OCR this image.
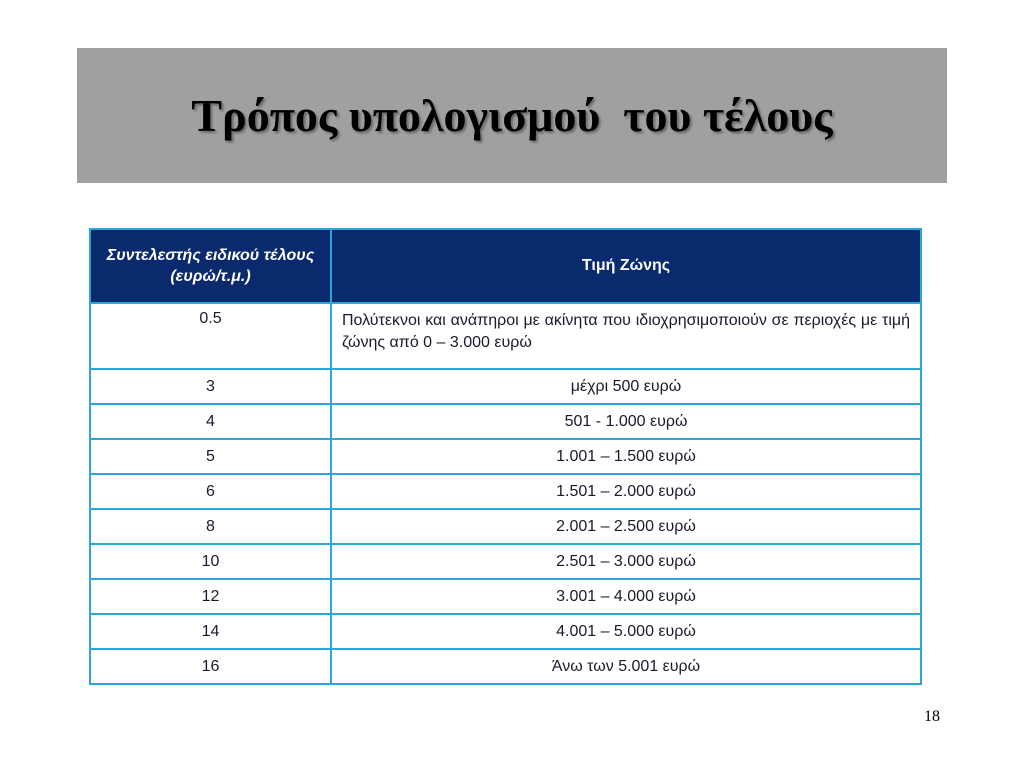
Τρόπος υπολογισμού  του τέλους
Συντελεστής ειδικού τέλους (ευρώ/τ.μ.)	Τιμή Ζώνης
0.5	Πολύτεκνοι και ανάπηροι με ακίνητα που ιδιοχρησιμοποιούν σε περιοχές με τιμή ζώνης από 0 – 3.000 ευρώ
3	μέχρι 500 ευρώ
4	501 - 1.000 ευρώ
5	1.001 – 1.500 ευρώ
6	1.501 – 2.000 ευρώ
8	2.001 – 2.500 ευρώ
10	2.501 – 3.000 ευρώ
12	3.001 – 4.000 ευρώ
14	4.001 – 5.000 ευρώ
16	Άνω των 5.001 ευρώ
18
